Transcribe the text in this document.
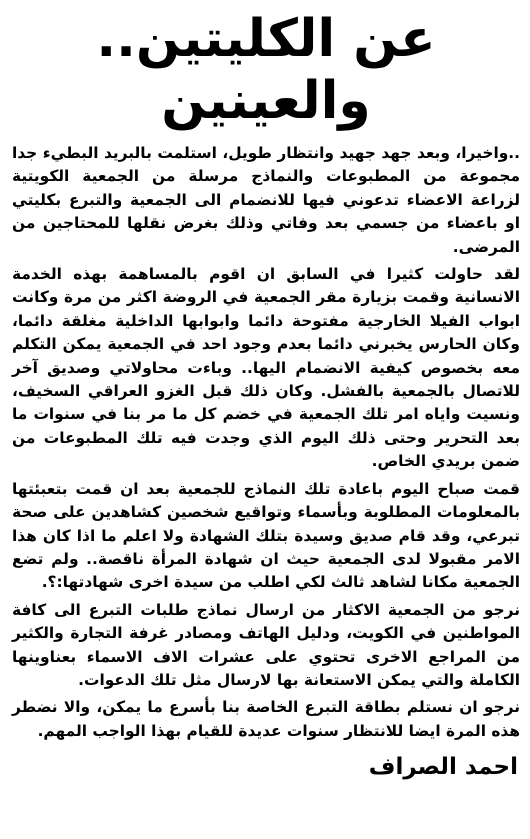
عن الكليتين.. والعينين

..واخيرا، وبعد جهد جهيد وانتظار طويل، استلمت بالبريد البطيء جدا مجموعة من المطبوعات والنماذج مرسلة من الجمعية الكويتية لزراعة الاعضاء تدعوني فيها للانضمام الى الجمعية والتبرع بكليتي او باعضاء من جسمي بعد وفاتي وذلك بغرض نقلها للمحتاجين من المرضى.

لقد حاولت كثيرا في السابق ان اقوم بالمساهمة بهذه الخدمة الانسانية وقمت بزيارة مقر الجمعية في الروضة اكثر من مرة وكانت ابواب الفيلا الخارجية مفتوحة دائما وابوابها الداخلية مغلقة دائما، وكان الحارس يخبرني دائما بعدم وجود احد في الجمعية يمكن التكلم معه بخصوص كيفية الانضمام اليها.. وباءت محاولاتي وصديق آخر للاتصال بالجمعية بالفشل. وكان ذلك قبل الغزو العراقي السخيف، ونسيت واياه امر تلك الجمعية في خضم كل ما مر بنا في سنوات ما بعد التحرير وحتى ذلك اليوم الذي وجدت فيه تلك المطبوعات من ضمن بريدي الخاص.

قمت صباح اليوم باعادة تلك النماذج للجمعية بعد ان قمت بتعبئتها بالمعلومات المطلوبة وبأسماء وتواقيع شخصين كشاهدين على صحة تبرعي، وقد قام صديق وسيدة بتلك الشهادة ولا اعلم ما اذا كان هذا الامر مقبولا لدى الجمعية حيث ان شهادة المرأة ناقصة.. ولم تضع الجمعية مكانا لشاهد ثالث لكي اطلب من سيدة اخرى شهادتها:؟.

نرجو من الجمعية الاكثار من ارسال نماذج طلبات التبرع الى كافة المواطنين في الكويت، ودليل الهاتف ومصادر غرفة التجارة والكثير من المراجع الاخرى تحتوي على عشرات الاف الاسماء بعناوينها الكاملة والتي يمكن الاستعانة بها لارسال مثل تلك الدعوات.

نرجو ان نستلم بطاقة التبرع الخاصة بنا بأسرع ما يمكن، والا نضطر هذه المرة ايضا للانتظار سنوات عديدة للقيام بهذا الواجب المهم.

احمد الصراف
